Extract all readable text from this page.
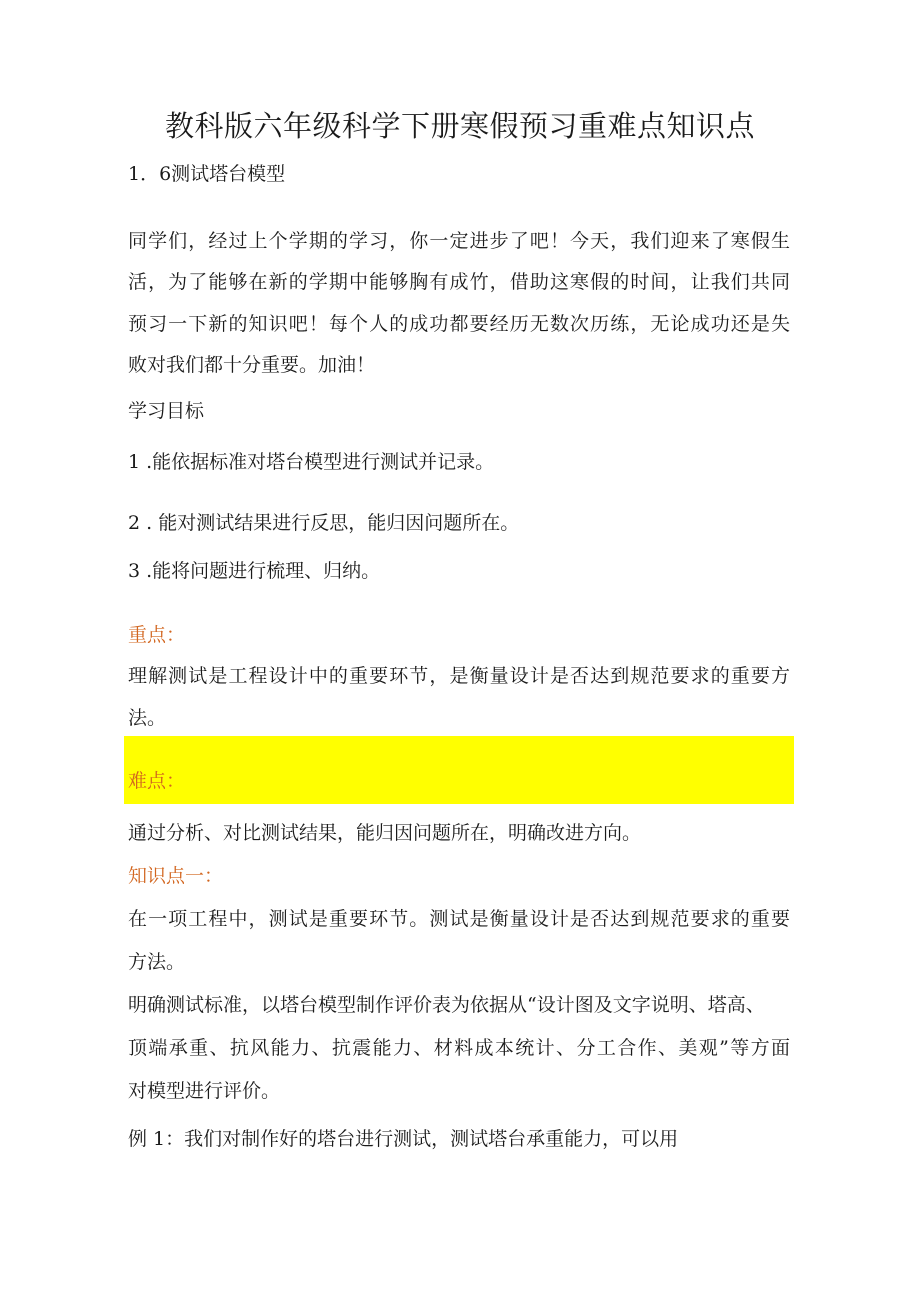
教科版六年级科学下册寒假预习重难点知识点
1．6测试塔台模型
同学们，经过上个学期的学习，你一定进步了吧！今天，我们迎来了寒假生
活，为了能够在新的学期中能够胸有成竹，借助这寒假的时间，让我们共同
预习一下新的知识吧！每个人的成功都要经历无数次历练，无论成功还是失
败对我们都十分重要。加油！
学习目标
1 .能依据标准对塔台模型进行测试并记录。
2 . 能对测试结果进行反思，能归因问题所在。
3 .能将问题进行梳理、归纳。
重点：
理解测试是工程设计中的重要环节，是衡量设计是否达到规范要求的重要方
法。
难点：
通过分析、对比测试结果，能归因问题所在，明确改进方向。
知识点一：
在一项工程中，测试是重要环节。测试是衡量设计是否达到规范要求的重要
方法。
明确测试标准，以塔台模型制作评价表为依据从“设计图及文字说明、塔高、
顶端承重、抗风能力、抗震能力、材料成本统计、分工合作、美观”等方面
对模型进行评价。
例 1：我们对制作好的塔台进行测试，测试塔台承重能力，可以用
